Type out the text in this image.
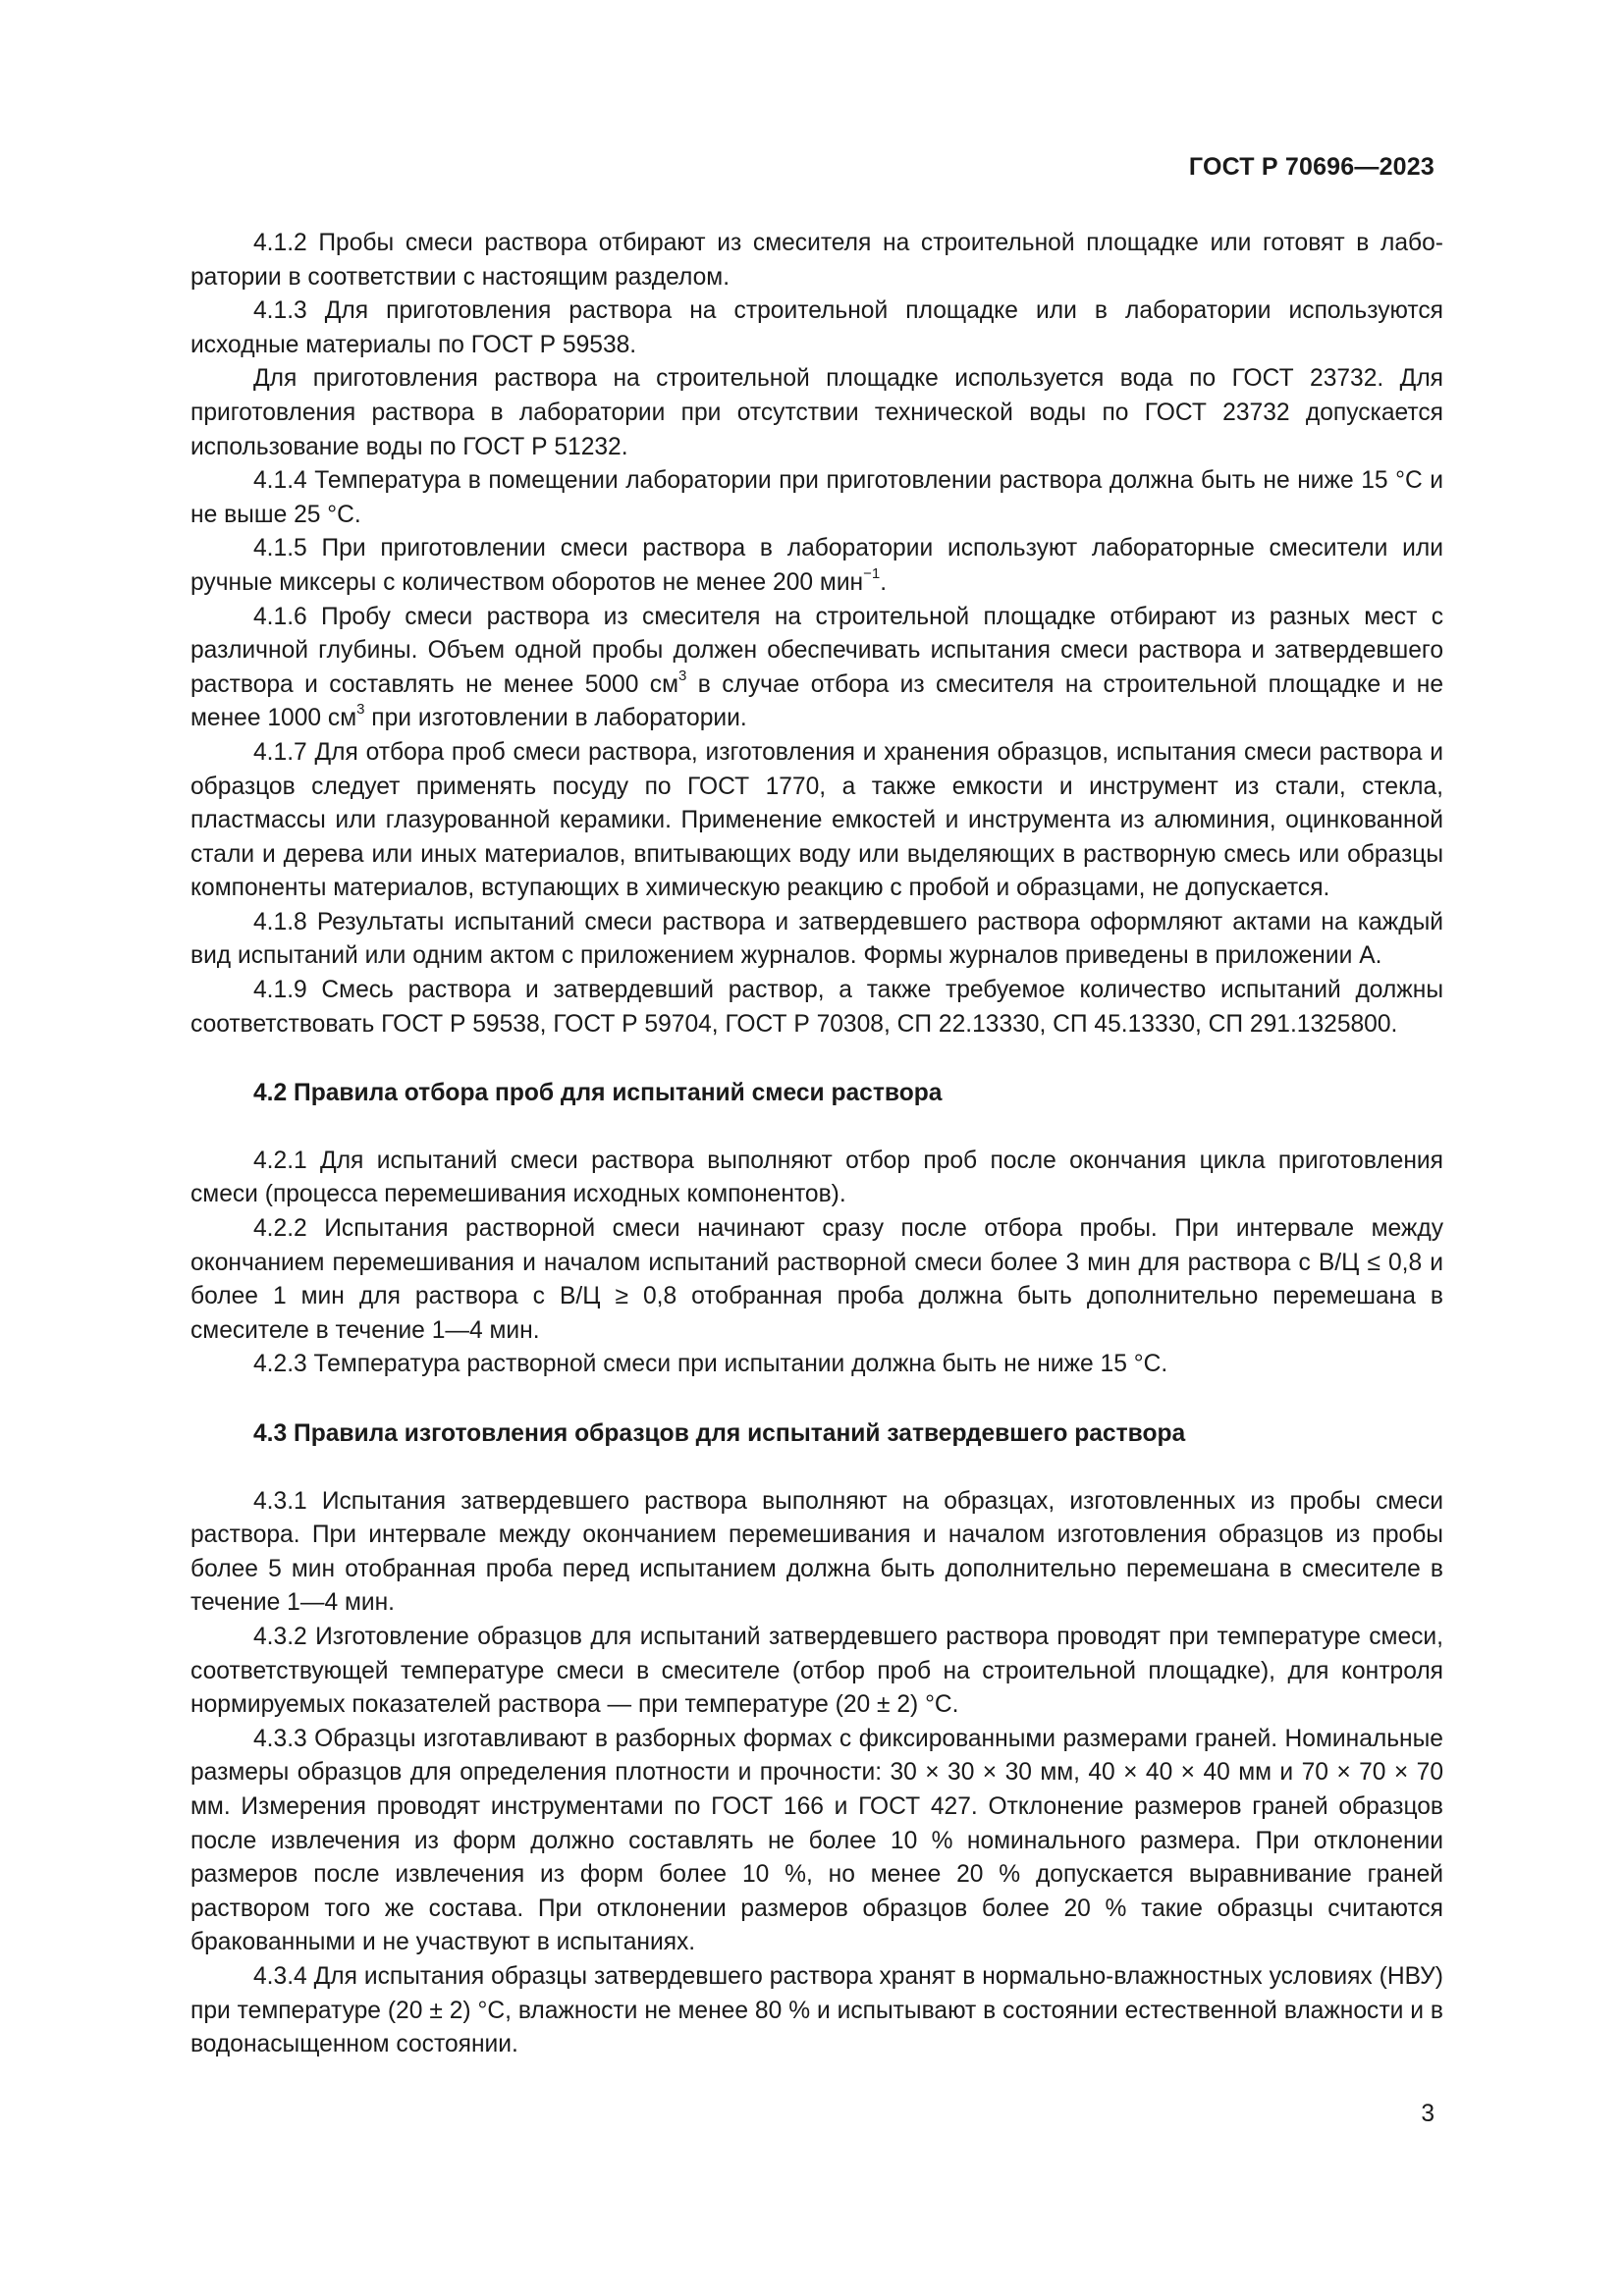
ГОСТ Р 70696—2023

4.1.2 Пробы смеси раствора отбирают из смесителя на строительной площадке или готовят в лаборатории в соответствии с настоящим разделом.

4.1.3 Для приготовления раствора на строительной площадке или в лаборатории используются исходные материалы по ГОСТ Р 59538.

Для приготовления раствора на строительной площадке используется вода по ГОСТ 23732. Для приготовления раствора в лаборатории при отсутствии технической воды по ГОСТ 23732 допускается использование воды по ГОСТ Р 51232.

4.1.4 Температура в помещении лаборатории при приготовлении раствора должна быть не ниже 15 °С и не выше 25 °С.

4.1.5 При приготовлении смеси раствора в лаборатории используют лабораторные смесители или ручные миксеры с количеством оборотов не менее 200 мин$^{-1}$.

4.1.6 Пробу смеси раствора из смесителя на строительной площадке отбирают из разных мест с различной глубины. Объем одной пробы должен обеспечивать испытания смеси раствора и затвердевшего раствора и составлять не менее 5000 $см^3$ в случае отбора из смесителя на строительной площадке и не менее 1000 $см^3$ при изготовлении в лаборатории.

4.1.7 Для отбора проб смеси раствора, изготовления и хранения образцов, испытания смеси раствора и образцов следует применять посуду по ГОСТ 1770, а также емкости и инструмент из стали, стекла, пластмассы или глазурованной керамики. Применение емкостей и инструмента из алюминия, оцинкованной стали и дерева или иных материалов, впитывающих воду или выделяющих в растворную смесь или образцы компоненты материалов, вступающих в химическую реакцию с пробой и образцами, не допускается.

4.1.8 Результаты испытаний смеси раствора и затвердевшего раствора оформляют актами на каждый вид испытаний или одним актом с приложением журналов. Формы журналов приведены в приложении А.

4.1.9 Смесь раствора и затвердевший раствор, а также требуемое количество испытаний должны соответствовать ГОСТ Р 59538, ГОСТ Р 59704, ГОСТ Р 70308, СП 22.13330, СП 45.13330, СП 291.1325800.

4.2 Правила отбора проб для испытаний смеси раствора

4.2.1 Для испытаний смеси раствора выполняют отбор проб после окончания цикла приготовления смеси (процесса перемешивания исходных компонентов).

4.2.2 Испытания растворной смеси начинают сразу после отбора пробы. При интервале между окончанием перемешивания и началом испытаний растворной смеси более 3 мин для раствора с В/Ц ≤ 0,8 и более 1 мин для раствора с В/Ц ≥ 0,8 отобранная проба должна быть дополнительно перемешана в смесителе в течение 1—4 мин.

4.2.3 Температура растворной смеси при испытании должна быть не ниже 15 °С.

4.3 Правила изготовления образцов для испытаний затвердевшего раствора

4.3.1 Испытания затвердевшего раствора выполняют на образцах, изготовленных из пробы смеси раствора. При интервале между окончанием перемешивания и началом изготовления образцов из пробы более 5 мин отобранная проба перед испытанием должна быть дополнительно перемешана в смесителе в течение 1—4 мин.

4.3.2 Изготовление образцов для испытаний затвердевшего раствора проводят при температуре смеси, соответствующей температуре смеси в смесителе (отбор проб на строительной площадке), для контроля нормируемых показателей раствора — при температуре (20 ± 2) °С.

4.3.3 Образцы изготавливают в разборных формах с фиксированными размерами граней. Номинальные размеры образцов для определения плотности и прочности: 30 × 30 × 30 мм, 40 × 40 × 40 мм и 70 × 70 × 70 мм. Измерения проводят инструментами по ГОСТ 166 и ГОСТ 427. Отклонение размеров граней образцов после извлечения из форм должно составлять не более 10 % номинального размера. При отклонении размеров после извлечения из форм более 10 %, но менее 20 % допускается выравнивание граней раствором того же состава. При отклонении размеров образцов более 20 % такие образцы считаются бракованными и не участвуют в испытаниях.

4.3.4 Для испытания образцы затвердевшего раствора хранят в нормально-влажностных условиях (НВУ) при температуре (20 ± 2) °С, влажности не менее 80 % и испытывают в состоянии естественной влажности и в водонасыщенном состоянии.

3
